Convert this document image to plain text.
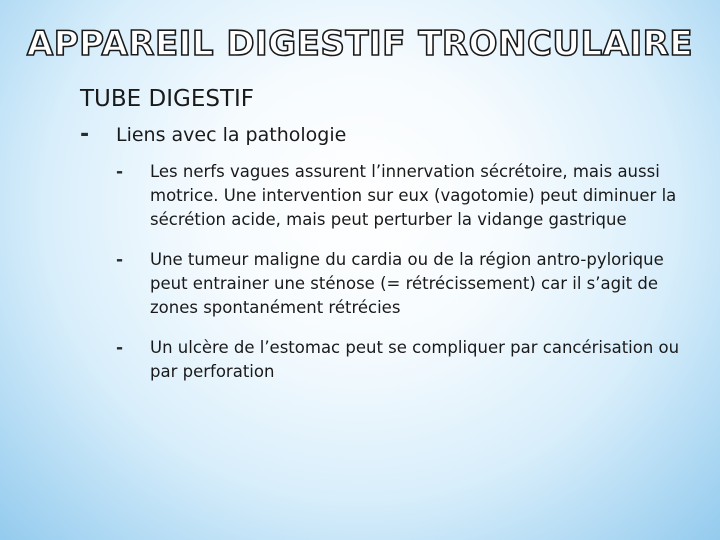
APPAREIL DIGESTIF TRONCULAIRE
TUBE DIGESTIF
-	Liens avec la pathologie
-	Les nerfs vagues assurent l’innervation sécrétoire, mais aussi motrice. Une intervention sur eux (vagotomie) peut diminuer la sécrétion acide, mais peut perturber la vidange gastrique
-	Une tumeur maligne du cardia ou de la région antro-pylorique peut entrainer une sténose (= rétrécissement) car il s’agit de zones spontanément rétrécies
-	Un ulcère de l’estomac peut se compliquer par cancérisation ou par perforation
